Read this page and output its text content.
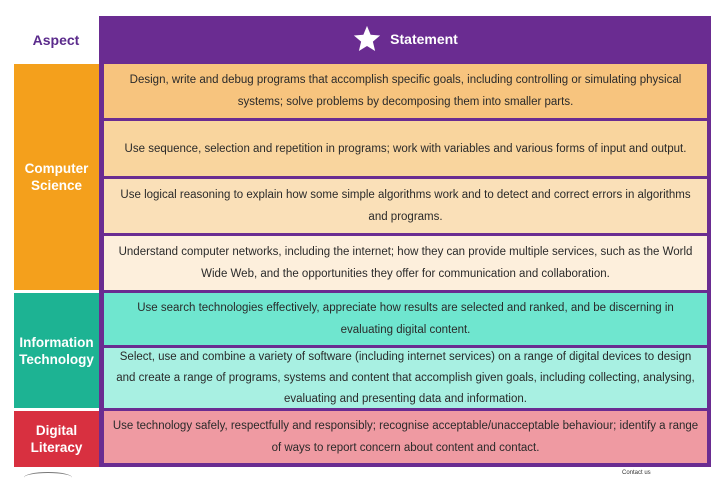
Aspect	Statement
Computer Science
Information Technology
Digital Literacy
Design, write and debug programs that accomplish specific goals, including controlling or simulating physical systems; solve problems by decomposing them into smaller parts.
Use sequence, selection and repetition in programs; work with variables and various forms of input and output.
Use logical reasoning to explain how some simple algorithms work and to detect and correct errors in algorithms and programs.
Understand computer networks, including the internet; how they can provide multiple services, such as the World Wide Web, and the opportunities they offer for communication and collaboration.
Use search technologies effectively, appreciate how results are selected and ranked, and be discerning in evaluating digital content.
Select, use and combine a variety of software (including internet services) on a range of digital devices to design and create a range of programs, systems and content that accomplish given goals, including collecting, analysing, evaluating and presenting data and information.
Use technology safely, respectfully and responsibly; recognise acceptable/unacceptable behaviour; identify a range of ways to report concern about content and contact.
Contact us
